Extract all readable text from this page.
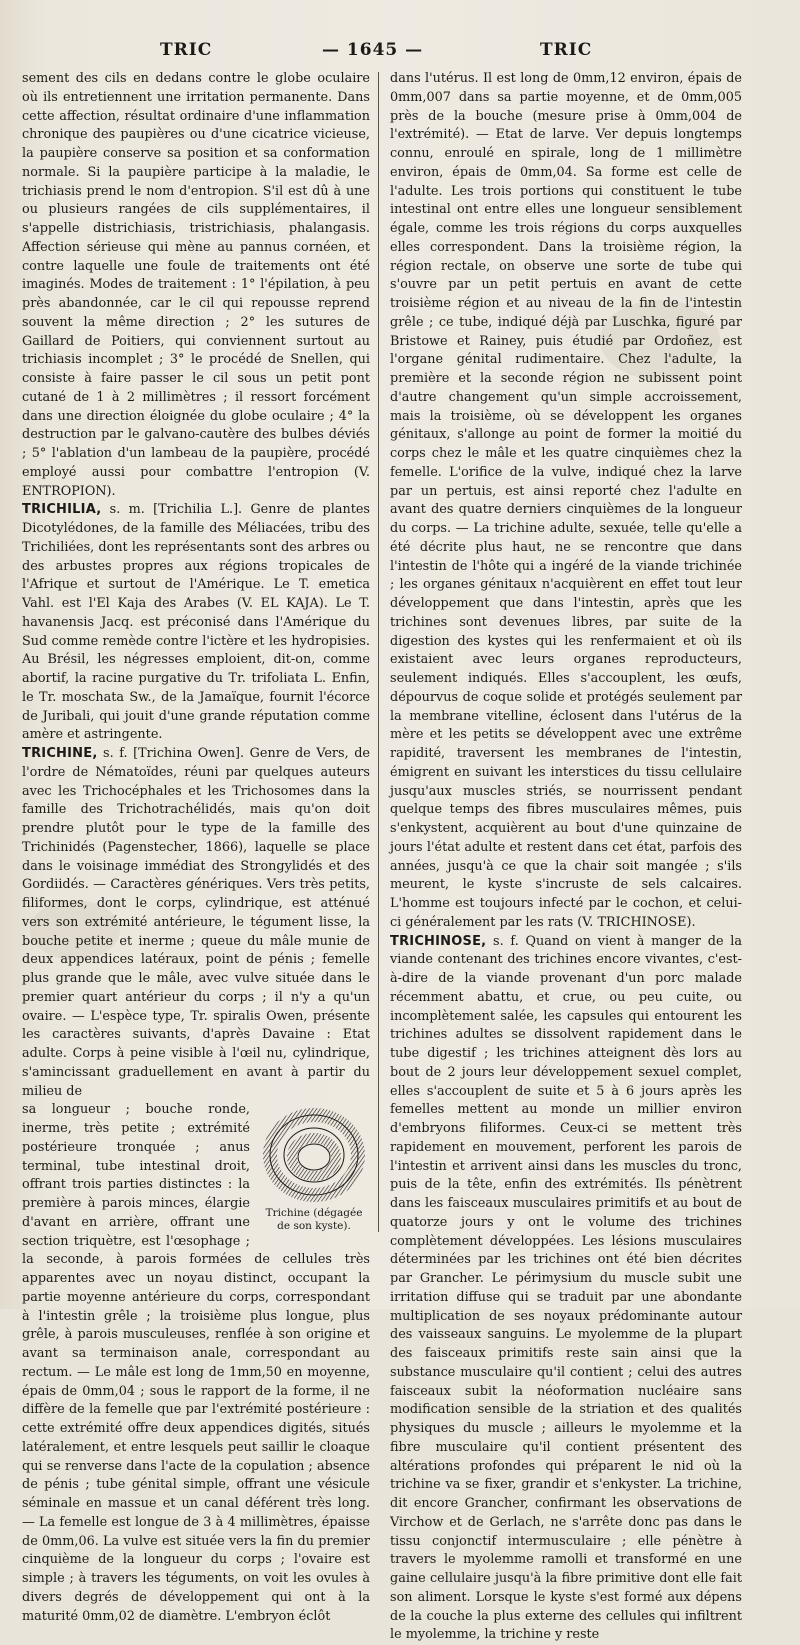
TRIC	— 1645 —	TRIC

sement des cils en dedans contre le globe oculaire où ils entretiennent une irritation permanente. Dans cette affection, résultat ordinaire d'une inflammation chronique des paupières ou d'une cicatrice vicieuse, la paupière conserve sa position et sa conformation normale. Si la paupière participe à la maladie, le trichiasis prend le nom d'entropion. S'il est dû à une ou plusieurs rangées de cils supplémentaires, il s'appelle districhiasis, tristrichiasis, phalangasis. Affection sérieuse qui mène au pannus cornéen, et contre laquelle une foule de traitements ont été imaginés. Modes de traitement : 1° l'épilation, à peu près abandonnée, car le cil qui repousse reprend souvent la même direction ; 2° les sutures de Gaillard de Poitiers, qui conviennent surtout au trichiasis incomplet ; 3° le procédé de Snellen, qui consiste à faire passer le cil sous un petit pont cutané de 1 à 2 millimètres ; il ressort forcément dans une direction éloignée du globe oculaire ; 4° la destruction par le galvano-cautère des bulbes déviés ; 5° l'ablation d'un lambeau de la paupière, procédé employé aussi pour combattre l'entropion (V. ENTROPION).

TRICHILIA, s. m. [Trichilia L.]. Genre de plantes Dicotylédones, de la famille des Méliacées, tribu des Trichiliées, dont les représentants sont des arbres ou des arbustes propres aux régions tropicales de l'Afrique et surtout de l'Amérique. Le T. emetica Vahl. est l'El Kaja des Arabes (V. EL KAJA). Le T. havanensis Jacq. est préconisé dans l'Amérique du Sud comme remède contre l'ictère et les hydropisies. Au Brésil, les négresses emploient, dit-on, comme abortif, la racine purgative du Tr. trifoliata L. Enfin, le Tr. moschata Sw., de la Jamaïque, fournit l'écorce de Juribali, qui jouit d'une grande réputation comme amère et astringente.

TRICHINE, s. f. [Trichina Owen]. Genre de Vers, de l'ordre de Nématoïdes, réuni par quelques auteurs avec les Trichocéphales et les Trichosomes dans la famille des Trichotrachélidés, mais qu'on doit prendre plutôt pour le type de la famille des Trichinidés (Pagenstecher, 1866), laquelle se place dans le voisinage immédiat des Strongylidés et des Gordiidés. — Caractères génériques. Vers très petits, filiformes, dont le corps, cylindrique, est atténué vers son extrémité antérieure, le tégument lisse, la bouche petite et inerme ; queue du mâle munie de deux appendices latéraux, point de pénis ; femelle plus grande que le mâle, avec vulve située dans le premier quart antérieur du corps ; il n'y a qu'un ovaire. — L'espèce type, Tr. spiralis Owen, présente les caractères suivants, d'après Davaine : Etat adulte. Corps à peine visible à l'œil nu, cylindrique, s'amincissant graduellement en avant à partir du milieu de

Trichine (dégagée de son kyste).

sa longueur ; bouche ronde, inerme, très petite ; extrémité postérieure tronquée ; anus terminal, tube intestinal droit, offrant trois parties distinctes : la première à parois minces, élargie d'avant en arrière, offrant une section triquètre, est l'œsophage ; la seconde, à parois formées de cellules très apparentes avec un noyau distinct, occupant la partie moyenne antérieure du corps, correspondant à l'intestin grêle ; la troisième plus longue, plus grêle, à parois musculeuses, renflée à son origine et avant sa terminaison anale, correspondant au rectum. — Le mâle est long de 1mm,50 en moyenne, épais de 0mm,04 ; sous le rapport de la forme, il ne diffère de la femelle que par l'extrémité postérieure : cette extrémité offre deux appendices digités, situés latéralement, et entre lesquels peut saillir le cloaque qui se renverse dans l'acte de la copulation ; absence de pénis ; tube génital simple, offrant une vésicule séminale en massue et un canal déférent très long. — La femelle est longue de 3 à 4 millimètres, épaisse de 0mm,06. La vulve est située vers la fin du premier cinquième de la longueur du corps ; l'ovaire est simple ; à travers les téguments, on voit les ovules à divers degrés de développement qui ont à la maturité 0mm,02 de diamètre. L'embryon éclôt

dans l'utérus. Il est long de 0mm,12 environ, épais de 0mm,007 dans sa partie moyenne, et de 0mm,005 près de la bouche (mesure prise à 0mm,004 de l'extrémité). — Etat de larve. Ver depuis longtemps connu, enroulé en spirale, long de 1 millimètre environ, épais de 0mm,04. Sa forme est celle de l'adulte. Les trois portions qui constituent le tube intestinal ont entre elles une longueur sensiblement égale, comme les trois régions du corps auxquelles elles correspondent. Dans la troisième région, la région rectale, on observe une sorte de tube qui s'ouvre par un petit pertuis en avant de cette troisième région et au niveau de la fin de l'intestin grêle ; ce tube, indiqué déjà par Luschka, figuré par Bristowe et Rainey, puis étudié par Ordoñez, est l'organe génital rudimentaire. Chez l'adulte, la première et la seconde région ne subissent point d'autre changement qu'un simple accroissement, mais la troisième, où se développent les organes génitaux, s'allonge au point de former la moitié du corps chez le mâle et les quatre cinquièmes chez la femelle. L'orifice de la vulve, indiqué chez la larve par un pertuis, est ainsi reporté chez l'adulte en avant des quatre derniers cinquièmes de la longueur du corps. — La trichine adulte, sexuée, telle qu'elle a été décrite plus haut, ne se rencontre que dans l'intestin de l'hôte qui a ingéré de la viande trichinée ; les organes génitaux n'acquièrent en effet tout leur développement que dans l'intestin, après que les trichines sont devenues libres, par suite de la digestion des kystes qui les renfermaient et où ils existaient avec leurs organes reproducteurs, seulement indiqués. Elles s'accouplent, les œufs, dépourvus de coque solide et protégés seulement par la membrane vitelline, éclosent dans l'utérus de la mère et les petits se développent avec une extrême rapidité, traversent les membranes de l'intestin, émigrent en suivant les interstices du tissu cellulaire jusqu'aux muscles striés, se nourrissent pendant quelque temps des fibres musculaires mêmes, puis s'enkystent, acquièrent au bout d'une quinzaine de jours l'état adulte et restent dans cet état, parfois des années, jusqu'à ce que la chair soit mangée ; s'ils meurent, le kyste s'incruste de sels calcaires. L'homme est toujours infecté par le cochon, et celui-ci généralement par les rats (V. TRICHINOSE).

TRICHINOSE, s. f. Quand on vient à manger de la viande contenant des trichines encore vivantes, c'est-à-dire de la viande provenant d'un porc malade récemment abattu, et crue, ou peu cuite, ou incomplètement salée, les capsules qui entourent les trichines adultes se dissolvent rapidement dans le tube digestif ; les trichines atteignent dès lors au bout de 2 jours leur développement sexuel complet, elles s'accouplent de suite et 5 à 6 jours après les femelles mettent au monde un millier environ d'embryons filiformes. Ceux-ci se mettent très rapidement en mouvement, perforent les parois de l'intestin et arrivent ainsi dans les muscles du tronc, puis de la tête, enfin des extrémités. Ils pénètrent dans les faisceaux musculaires primitifs et au bout de quatorze jours y ont le volume des trichines complètement développées. Les lésions musculaires déterminées par les trichines ont été bien décrites par Grancher. Le périmysium du muscle subit une irritation diffuse qui se traduit par une abondante multiplication de ses noyaux prédominante autour des vaisseaux sanguins. Le myolemme de la plupart des faisceaux primitifs reste sain ainsi que la substance musculaire qu'il contient ; celui des autres faisceaux subit la néoformation nucléaire sans modification sensible de la striation et des qualités physiques du muscle ; ailleurs le myolemme et la fibre musculaire qu'il contient présentent des altérations profondes qui préparent le nid où la trichine va se fixer, grandir et s'enkyster. La trichine, dit encore Grancher, confirmant les observations de Virchow et de Gerlach, ne s'arrête donc pas dans le tissu conjonctif intermusculaire ; elle pénètre à travers le myolemme ramolli et transformé en une gaine cellulaire jusqu'à la fibre primitive dont elle fait son aliment. Lorsque le kyste s'est formé aux dépens de la couche la plus externe des cellules qui infiltrent le myolemme, la trichine y reste
